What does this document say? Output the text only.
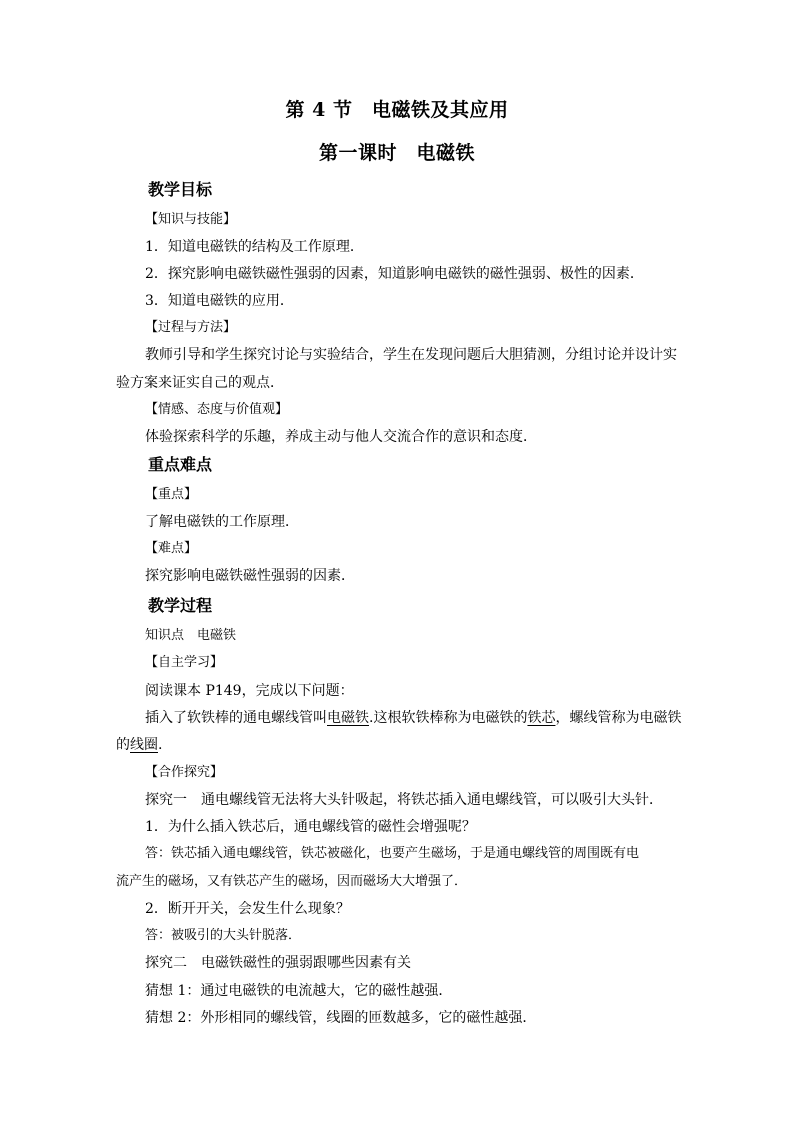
第 4 节　电磁铁及其应用
第一课时　电磁铁
教学目标
【知识与技能】
1．知道电磁铁的结构及工作原理．
2．探究影响电磁铁磁性强弱的因素，知道影响电磁铁的磁性强弱、极性的因素．
3．知道电磁铁的应用．
【过程与方法】
教师引导和学生探究讨论与实验结合，学生在发现问题后大胆猜测，分组讨论并设计实
验方案来证实自己的观点．
【情感、态度与价值观】
体验探索科学的乐趣，养成主动与他人交流合作的意识和态度．
重点难点
【重点】
了解电磁铁的工作原理．
【难点】
探究影响电磁铁磁性强弱的因素．
教学过程
知识点　电磁铁
【自主学习】
阅读课本 P149，完成以下问题：
插入了软铁棒的通电螺线管叫电磁铁.这根软铁棒称为电磁铁的铁芯，螺线管称为电磁铁
的线圈.
【合作探究】
探究一　通电螺线管无法将大头针吸起，将铁芯插入通电螺线管，可以吸引大头针．
1．为什么插入铁芯后，通电螺线管的磁性会增强呢？
答：铁芯插入通电螺线管，铁芯被磁化，也要产生磁场，于是通电螺线管的周围既有电
流产生的磁场，又有铁芯产生的磁场，因而磁场大大增强了．
2．断开开关，会发生什么现象？
答：被吸引的大头针脱落．
探究二　电磁铁磁性的强弱跟哪些因素有关
猜想 1：通过电磁铁的电流越大，它的磁性越强．
猜想 2：外形相同的螺线管，线圈的匝数越多，它的磁性越强．
